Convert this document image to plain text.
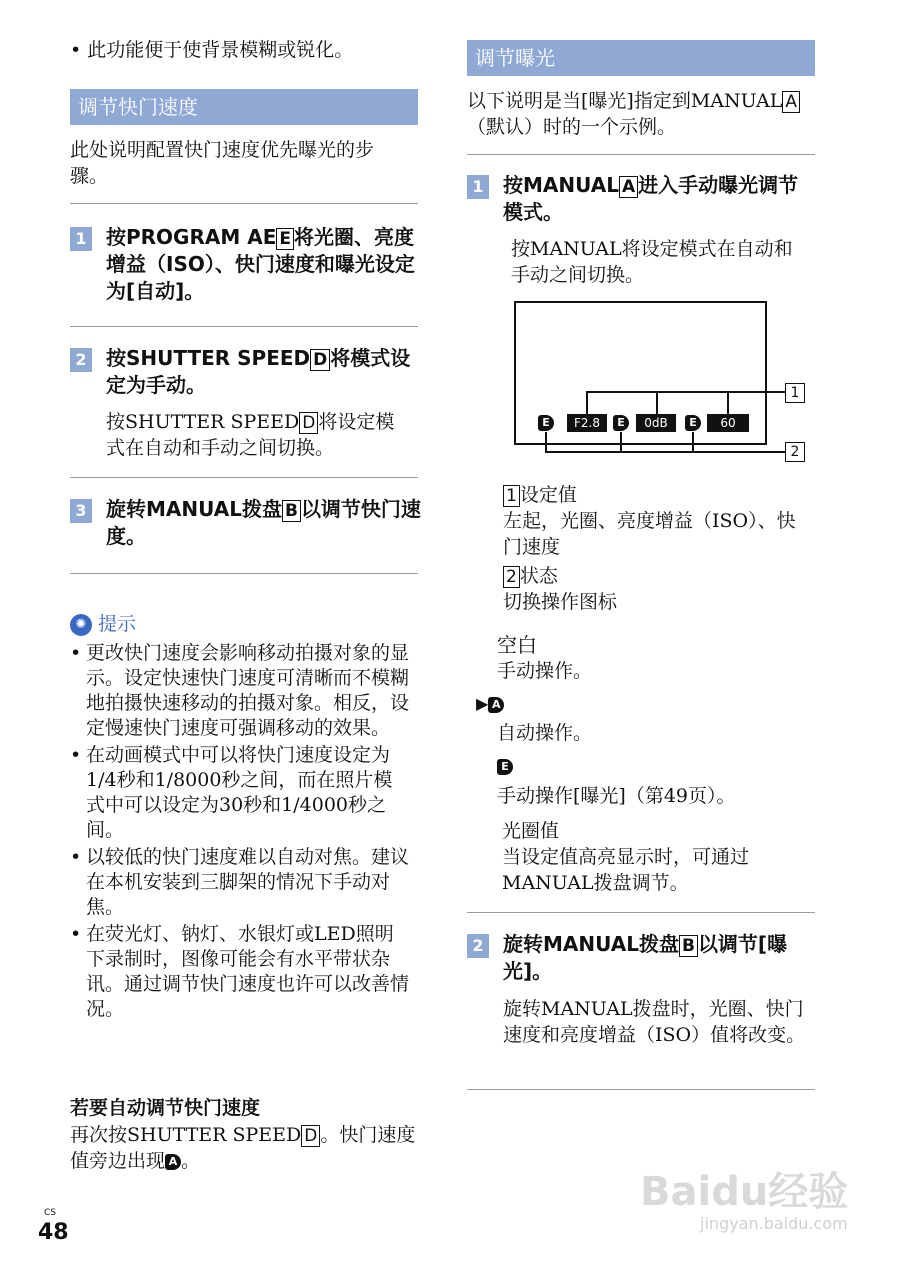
• 此功能便于使背景模糊或锐化。
调节快门速度
此处说明配置快门速度优先曝光的步骤。
1 按PROGRAM AE E 将光圈、亮度增益（ISO）、快门速度和曝光设定为[自动]。
2 按SHUTTER SPEED D 将模式设定为手动。
按SHUTTER SPEED D 将设定模式在自动和手动之间切换。
3 旋转MANUAL拨盘 B 以调节快门速度。
✺ 提示
• 更改快门速度会影响移动拍摄对象的显示。设定快速快门速度可清晰而不模糊地拍摄快速移动的拍摄对象。相反，设定慢速快门速度可强调移动的效果。
• 在动画模式中可以将快门速度设定为1/4秒和1/8000秒之间，而在照片模式中可以设定为30秒和1/4000秒之间。
• 以较低的快门速度难以自动对焦。建议在本机安装到三脚架的情况下手动对焦。
• 在荧光灯、钠灯、水银灯或LED照明下录制时，图像可能会有水平带状杂讯。通过调节快门速度也许可以改善情况。
若要自动调节快门速度
再次按SHUTTER SPEED D 。快门速度值旁边出现 A 。
调节曝光
以下说明是当[曝光]指定到MANUAL A（默认）时的一个示例。
1 按MANUAL A 进入手动曝光调节模式。
按MANUAL将设定模式在自动和手动之间切换。
E	E	E
F2.8	0dB	60
1
2
1 设定值
左起，光圈、亮度增益（ISO）、快门速度
2 状态
切换操作图标
空白
手动操作。
▶ A
自动操作。
E
手动操作[曝光]（第49页）。
光圈值
当设定值高亮显示时，可通过MANUAL拨盘调节。
2 旋转MANUAL拨盘 B 以调节[曝光]。
旋转MANUAL拨盘时，光圈、快门速度和亮度增益（ISO）值将改变。
CS
48
Baidu经验
jingyan.baidu.com
